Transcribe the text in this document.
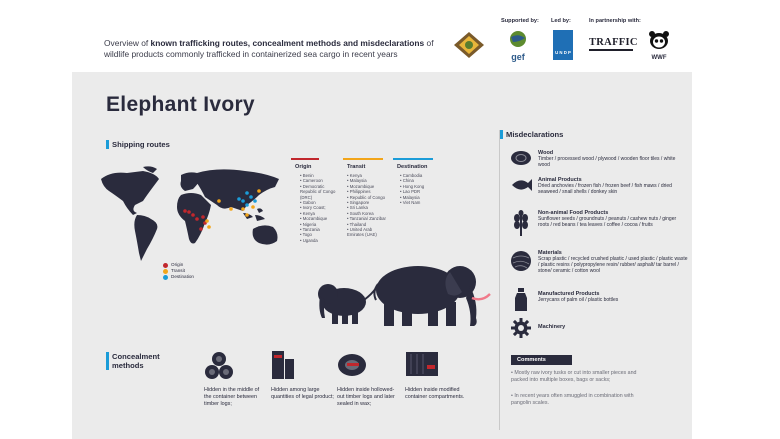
Overview of known trafficking routes, concealment methods and misdeclarations of wildlife products commonly trafficked in containerized sea cargo in recent years

Supported by: Led by:	In partnership with:
gef	U N D P
TRAFFIC
WWF
Elephant Ivory
Shipping routes
Origin
Transit
Destination
Origin
• Benin
• Cameroon
• Democratic Republic of Congo (DRC)
• Gabon
• Ivory Coast;
• Kenya
• Mozambique
• Nigeria
• Tanzania
• Togo
• Uganda
Transit
• Kenya
• Malaysia
• Mozambique
• Philippines
• Republic of Congo
• Singapore
• Sri Lanka
• South Korea
• Tanzania/ Zanzibar
• Thailand
• United Arab Emirates (UAE)
Destination
• Cambodia
• China
• Hong Kong
• Lao PDR
• Malaysia
• Viet Nam
Concealment
methods
Hidden in the middle of the container between timber logs;
Hidden among large quantities of legal product;
Hidden inside hollowed-out timber logs and later sealed in wax;
Hidden inside modified container compartments.
Misdeclarations
Wood
Timber / processed wood / plywood / wooden floor tiles / white wood
Animal Products
Dried anchovies / frozen fish / frozen beef / fish maws / dried seaweed / snail shells / donkey skin
Non-animal Food Products
Sunflower seeds / groundnuts / peanuts / cashew nuts / ginger roots / red beans / tea leaves / coffee / cocoa / fruits
Materials
Scrap plastic / recycled crushed plastic / used plastic / plastic waste / plastic resins / polypropylene resin/ rubber/ asphalt/ tar barrel / stone/ ceramic / cotton wool
Manufactured Products
Jerrycans of palm oil / plastic bottles
Machinery
Comments
• Mostly raw ivory tusks or cut into smaller pieces and packed into multiple boxes, bags or sacks;
• In recent years often smuggled in combination with pangolin scales.
